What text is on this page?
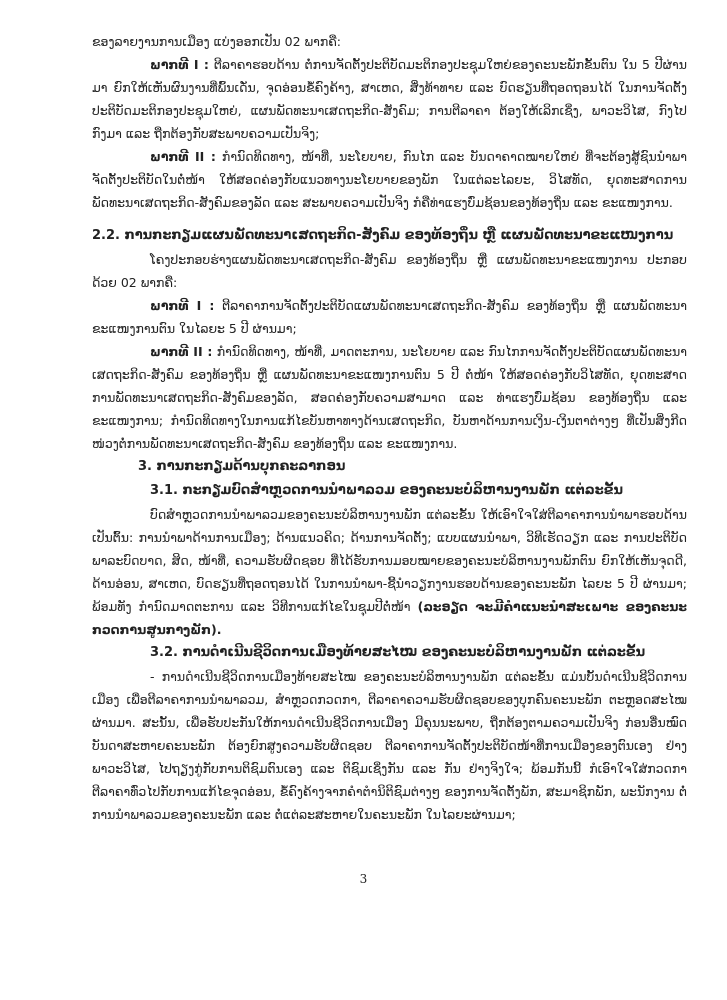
ຂອງລາຍງານການເມືອງ ແບ່ງອອກເປັນ 02 ພາກຄື:

ພາກທີ I : ຕີລາຄາຮອບດ້ານ ຕໍ່ການຈັດຕັ້ງປະຕິບັດມະຕິກອງປະຊຸມໃຫຍ່ຂອງຄະນະພັກຂັ້ນຕົນ ໃນ 5 ປີຜ່ານມາ ຍົກໃຫ້ເຫັນຜົນງານທີ່ພົ້ນເດັ່ນ, ຈຸດອ່ອນຂໍ້ຄົງຄ້າງ, ສາເຫດ, ສິ່ງທ້າທາຍ ແລະ ບົດຮຽນທີ່ຖອດຖອນໄດ້ ໃນການຈັດຕັ້ງປະຕິບັດມະຕິກອງປະຊຸມໃຫຍ່, ແຜນພັດທະນາເສດຖະກິດ-ສັງຄົມ; ການຕີລາຄາ ຕ້ອງໃຫ້ເລິກເຊິ່ງ, ພາວະວິໄສ, ກົງໄປກົງມາ ແລະ ຖືກຕ້ອງກັບສະພາບຄວາມເປັນຈິງ;

ພາກທີ II : ກຳນົດທິດທາງ, ໜ້າທີ່, ນະໂຍບາຍ, ກົນໄກ ແລະ ບັນດາຄາດໝາຍໃຫຍ່ ທີ່ຈະຕ້ອງສູ້ຊົນນຳພາຈັດຕັ້ງປະຕິບັດໃນຕໍ່ໜ້າ ໃຫ້ສອດຄ່ອງກັບແນວທາງນະໂຍບາຍຂອງພັກ ໃນແຕ່ລະໄລຍະ, ວິໄສທັດ, ຍຸດທະສາດການພັດທະນາເສດຖະກິດ-ສັງຄົມຂອງລັດ ແລະ ສະພາບຄວາມເປັນຈິງ ກໍຄືທ່າແຮງບົ່ມຊ້ອນຂອງທ້ອງຖິ່ນ ແລະ ຂະແໜງການ.

2.2. ການກະກຽມແຜນພັດທະນາເສດຖະກິດ-ສັງຄົມ ຂອງທ້ອງຖິ່ນ ຫຼື ແຜນພັດທະນາຂະແໜງການ

ໂຄງປະກອບຮ່າງແຜນພັດທະນາເສດຖະກິດ-ສັງຄົມ ຂອງທ້ອງຖິ່ນ ຫຼື ແຜນພັດທະນາຂະແໜງການ ປະກອບດ້ວຍ 02 ພາກຄື:

ພາກທີ I : ຕີລາຄາການຈັດຕັ້ງປະຕິບັດແຜນພັດທະນາເສດຖະກິດ-ສັງຄົມ ຂອງທ້ອງຖິ່ນ ຫຼື ແຜນພັດທະນາຂະແໜງການຕົນ ໃນໄລຍະ 5 ປີ ຜ່ານມາ;

ພາກທີ II : ກຳນົດທິດທາງ, ໜ້າທີ່, ມາດຕະການ, ນະໂຍບາຍ ແລະ ກົນໄກການຈັດຕັ້ງປະຕິບັດແຜນພັດທະນາເສດຖະກິດ-ສັງຄົມ ຂອງທ້ອງຖິ່ນ ຫຼື ແຜນພັດທະນາຂະແໜງການຕົນ 5 ປີ ຕໍ່ໜ້າ ໃຫ້ສອດຄ່ອງກັບວິໄສທັດ, ຍຸດທະສາດການພັດທະນາເສດຖະກິດ-ສັງຄົມຂອງລັດ, ສອດຄ່ອງກັບຄວາມສາມາດ ແລະ ທ່າແຮງບົ່ມຊ້ອນ ຂອງທ້ອງຖິ່ນ ແລະ ຂະແໜງການ; ກຳນົດທິດທາງໃນການແກ້ໄຂບັນຫາທາງດ້ານເສດຖະກິດ, ບັນຫາດ້ານການເງິນ-ເງິນຕາຕ່າງໆ ທີ່ເປັນສິ່ງກີດໜ່ວງຕໍ່ການພັດທະນາເສດຖະກິດ-ສັງຄົມ ຂອງທ້ອງຖິ່ນ ແລະ ຂະແໜງການ.

3. ການກະກຽມດ້ານບຸກຄະລາກອນ

3.1. ກະກຽມບົດສຳຫຼວດການນຳພາລວມ ຂອງຄະນະບໍລິຫານງານພັກ ແຕ່ລະຂັ້ນ

ບົດສຳຫຼວດການນຳພາລວມຂອງຄະນະບໍລິຫານງານພັກ ແຕ່ລະຂັ້ນ ໃຫ້ເອົາໃຈໃສ່ຕີລາຄາການນຳພາຮອບດ້ານ ເປັນຕົ້ນ: ການນຳພາດ້ານການເມືອງ; ດ້ານແນວຄິດ; ດ້ານການຈັດຕັ້ງ; ແບບແຜນນຳພາ, ວິທີເຮັດວຽກ ແລະ ການປະຕິບັດພາລະບົດບາດ, ສິດ, ໜ້າທີ່, ຄວາມຮັບຜິດຊອບ ທີ່ໄດ້ຮັບການມອບໝາຍຂອງຄະນະບໍລິຫານງານພັກຕົນ ຍົກໃຫ້ເຫັນຈຸດດີ, ດ້ານອ່ອນ, ສາເຫດ, ບົດຮຽນທີ່ຖອດຖອນໄດ້ ໃນການນຳພາ-ຊີ້ນຳວຽກງານຮອບດ້ານຂອງຄະນະພັກ ໄລຍະ 5 ປີ ຜ່ານມາ; ພ້ອມທັງ ກຳນົດມາດຕະການ ແລະ ວິທີການແກ້ໄຂໃນຊຸມປີຕໍ່ໜ້າ (ລະອຽດ ຈະມີຄຳແນະນຳສະເພາະ ຂອງຄະນະກວດການສູນກາງພັກ).

3.2. ການດຳເນີນຊີວິດການເມືອງທ້າຍສະໄໝ ຂອງຄະນະບໍລິຫານງານພັກ ແຕ່ລະຂັ້ນ

- ການດຳເນີນຊີວິດການເມືອງທ້າຍສະໄໝ ຂອງຄະນະບໍລິຫານງານພັກ ແຕ່ລະຂັ້ນ ແມ່ນບັ້ນດຳເນີນຊີວິດການເມືອງ ເພື່ອຕີລາຄາການນຳພາລວມ, ສຳຫຼວດກວດກາ, ຕີລາຄາຄວາມຮັບຜິດຊອບຂອງບຸກຄົນຄະນະພັກ ຕະຫຼອດສະໄໝຜ່ານມາ. ສະນັ້ນ, ເພື່ອຮັບປະກັນໃຫ້ການດຳເນີນຊີວິດການເມືອງ ມີຄຸນນະພາບ, ຖືກຕ້ອງຕາມຄວາມເປັນຈິງ ກ່ອນອື່ນໝົດບັນດາສະຫາຍຄະນະພັກ ຕ້ອງຍົກສູງຄວາມຮັບຜິດຊອບ ຕີລາຄາການຈັດຕັ້ງປະຕິບັດໜ້າທີ່ການເມືອງຂອງຕົນເອງ ຢ່າງພາວະວິໄສ, ໄປຖຽງກູ່ກັບການຕິຊົມຕົນເອງ ແລະ ຕິຊົມເຊິ່ງກັນ ແລະ ກັນ ຢ່າງຈິງໃຈ; ພ້ອມກັນນີ້ ກໍເອົາໃຈໃສ່ກວດກາຕີລາຄາທົ່ວໄປກັບການແກ້ໄຂຈຸດອ່ອນ, ຂໍ້ຄົງຄ້າງຈາກຄຳຕຳນິຕິຊົມຕ່າງໆ ຂອງການຈັດຕັ້ງພັກ, ສະມາຊິກພັກ, ພະນັກງານ ຕໍ່ການນຳພາລວມຂອງຄະນະພັກ ແລະ ຕໍ່ແຕ່ລະສະຫາຍໃນຄະນະພັກ ໃນໄລຍະຜ່ານມາ;

3
